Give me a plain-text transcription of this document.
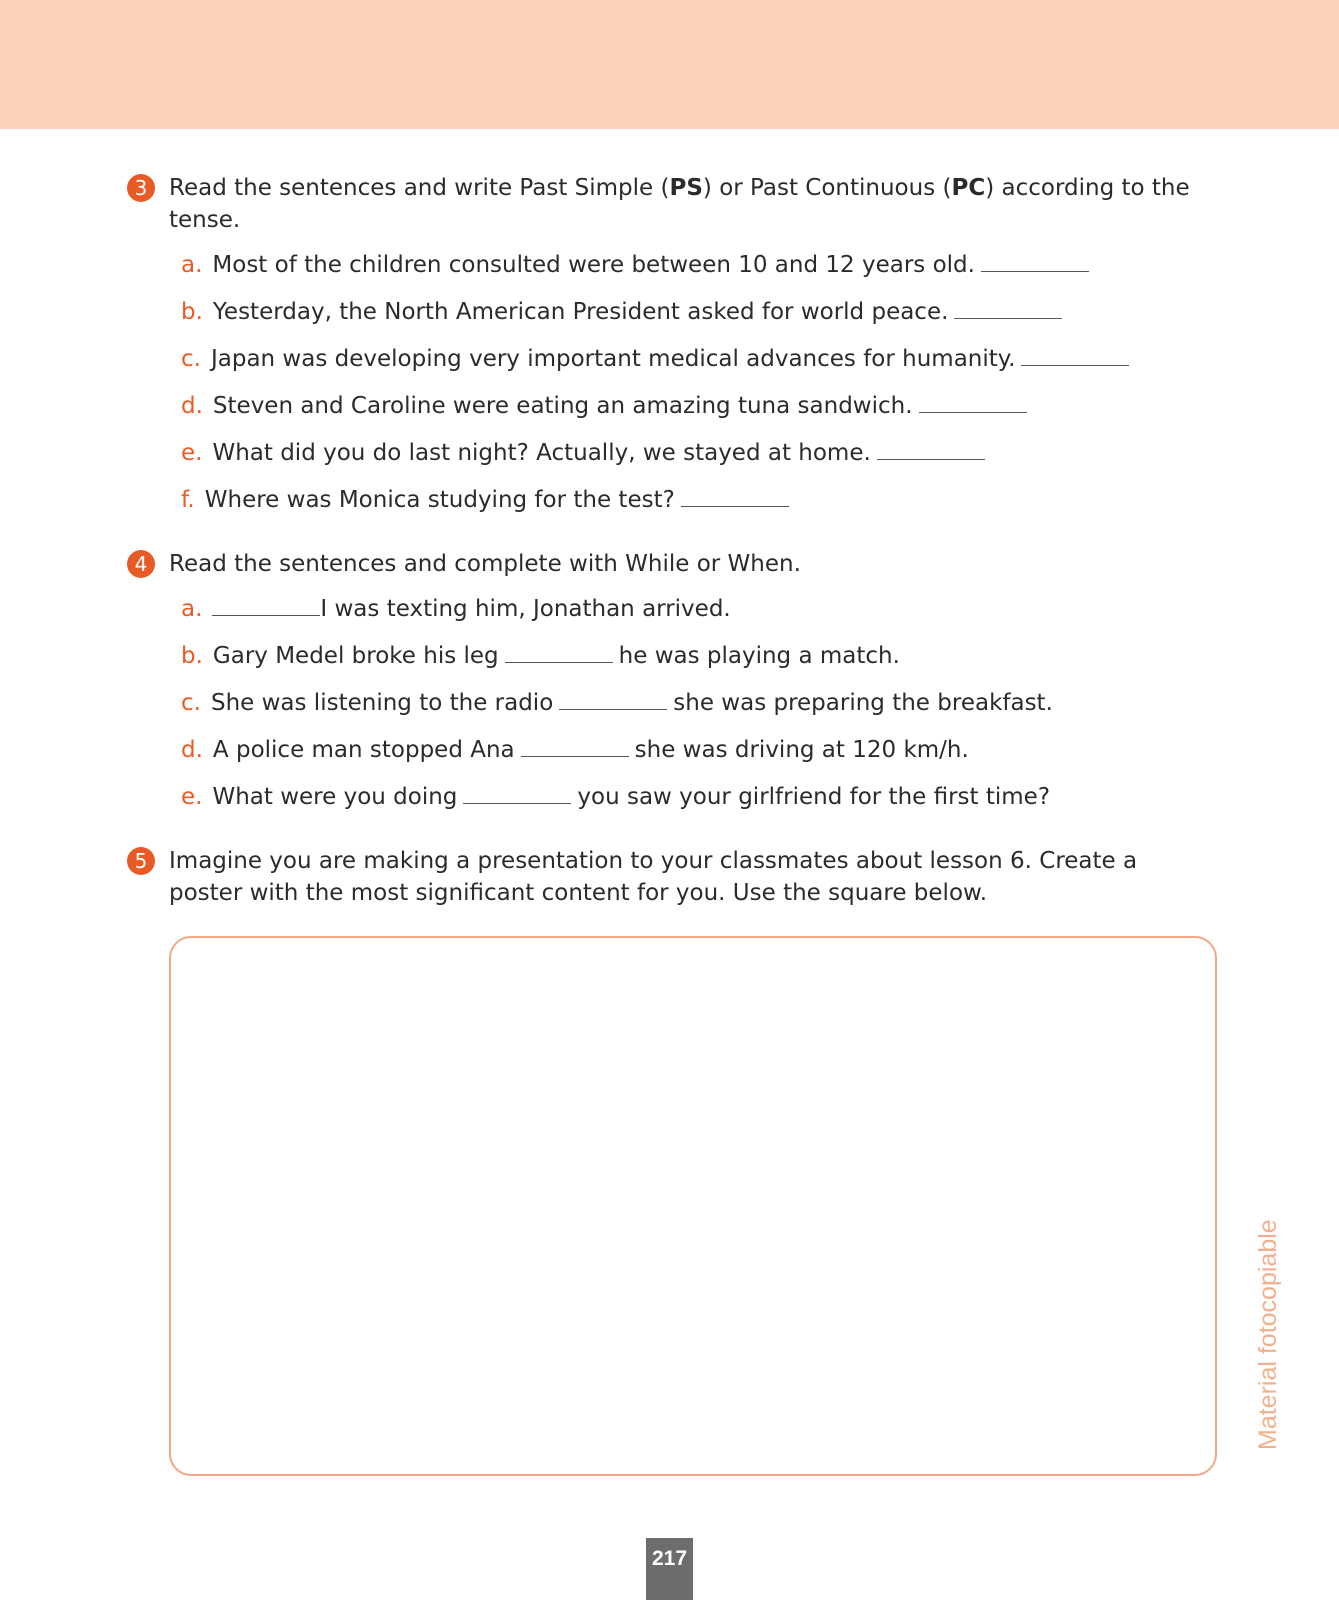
3 Read the sentences and write Past Simple (PS) or Past Continuous (PC) according to the tense.

a. Most of the children consulted were between 10 and 12 years old.
b. Yesterday, the North American President asked for world peace.
c. Japan was developing very important medical advances for humanity.
d. Steven and Caroline were eating an amazing tuna sandwich.
e. What did you do last night? Actually, we stayed at home.
f. Where was Monica studying for the test?
4 Read the sentences and complete with While or When.

a.	I was texting him, Jonathan arrived.
b. Gary Medel broke his leg	he was playing a match.
c. She was listening to the radio	she was preparing the breakfast.
d. A police man stopped Ana	she was driving at 120 km/h.
e. What were you doing	you saw your girlfriend for the first time?
5 Imagine you are making a presentation to your classmates about lesson 6. Create a poster with the most significant content for you. Use the square below.

Material fotocopiable
217
